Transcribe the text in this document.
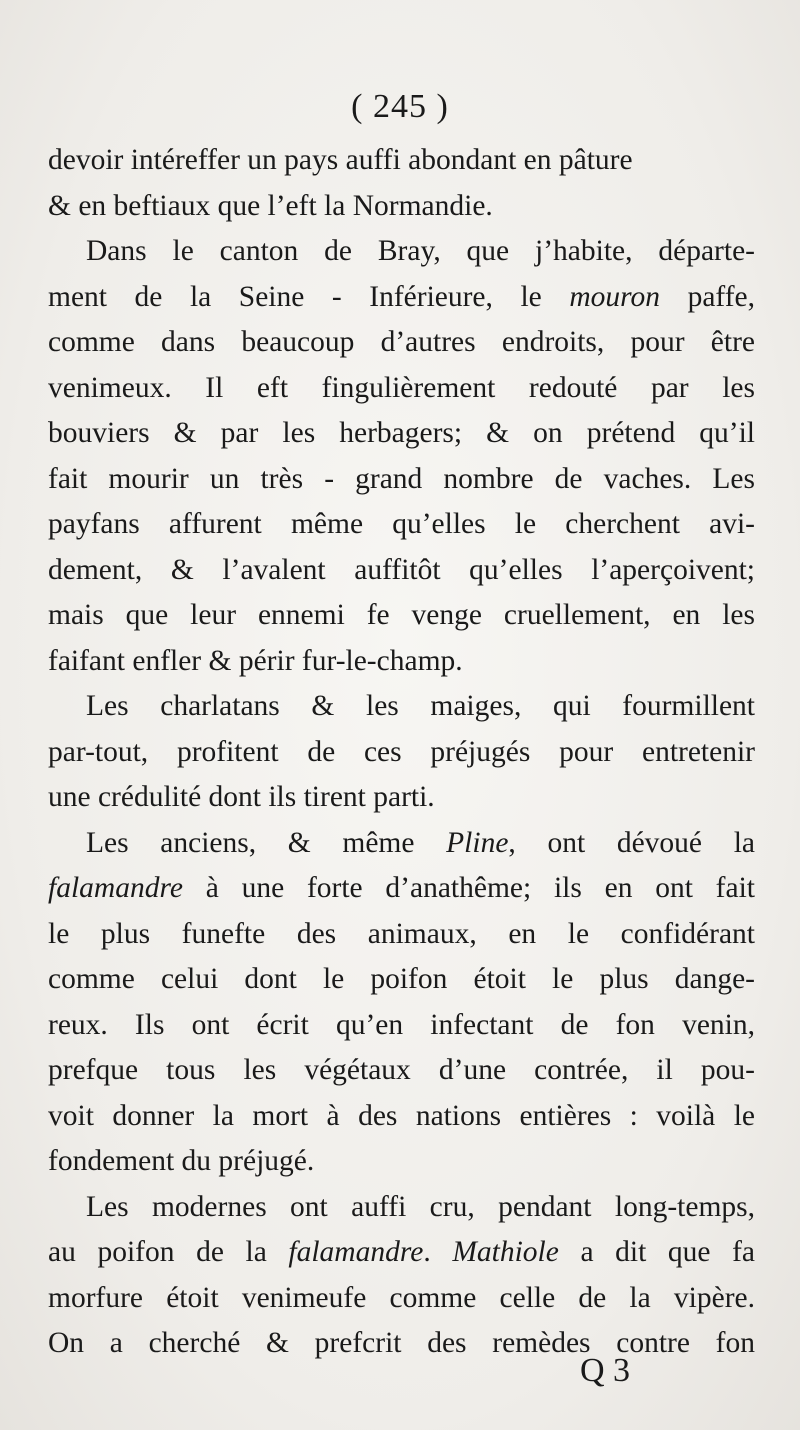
( 245 )
devoir intéreffer un pays auffi abondant en pâture
& en beftiaux que l’eft la Normandie.
Dans le canton de Bray, que j’habite, départe-
ment de la Seine - Inférieure, le mouron paffe,
comme dans beaucoup d’autres endroits, pour être
venimeux. Il eft fingulièrement redouté par les
bouviers & par les herbagers; & on prétend qu’il
fait mourir un très - grand nombre de vaches. Les
payfans affurent même qu’elles le cherchent avi-
dement, & l’avalent auffitôt qu’elles l’aperçoivent;
mais que leur ennemi fe venge cruellement, en les
faifant enfler & périr fur-le-champ.
Les charlatans & les maiges, qui fourmillent
par-tout, profitent de ces préjugés pour entretenir
une crédulité dont ils tirent parti.
Les anciens, & même Pline, ont dévoué la
falamandre à une forte d’anathême; ils en ont fait
le plus funefte des animaux, en le confidérant
comme celui dont le poifon étoit le plus dange-
reux. Ils ont écrit qu’en infectant de fon venin,
prefque tous les végétaux d’une contrée, il pou-
voit donner la mort à des nations entières : voilà le
fondement du préjugé.
Les modernes ont auffi cru, pendant long-temps,
au poifon de la falamandre. Mathiole a dit que fa
morfure étoit venimeufe comme celle de la vipère.
On a cherché & prefcrit des remèdes contre fon
Q 3
